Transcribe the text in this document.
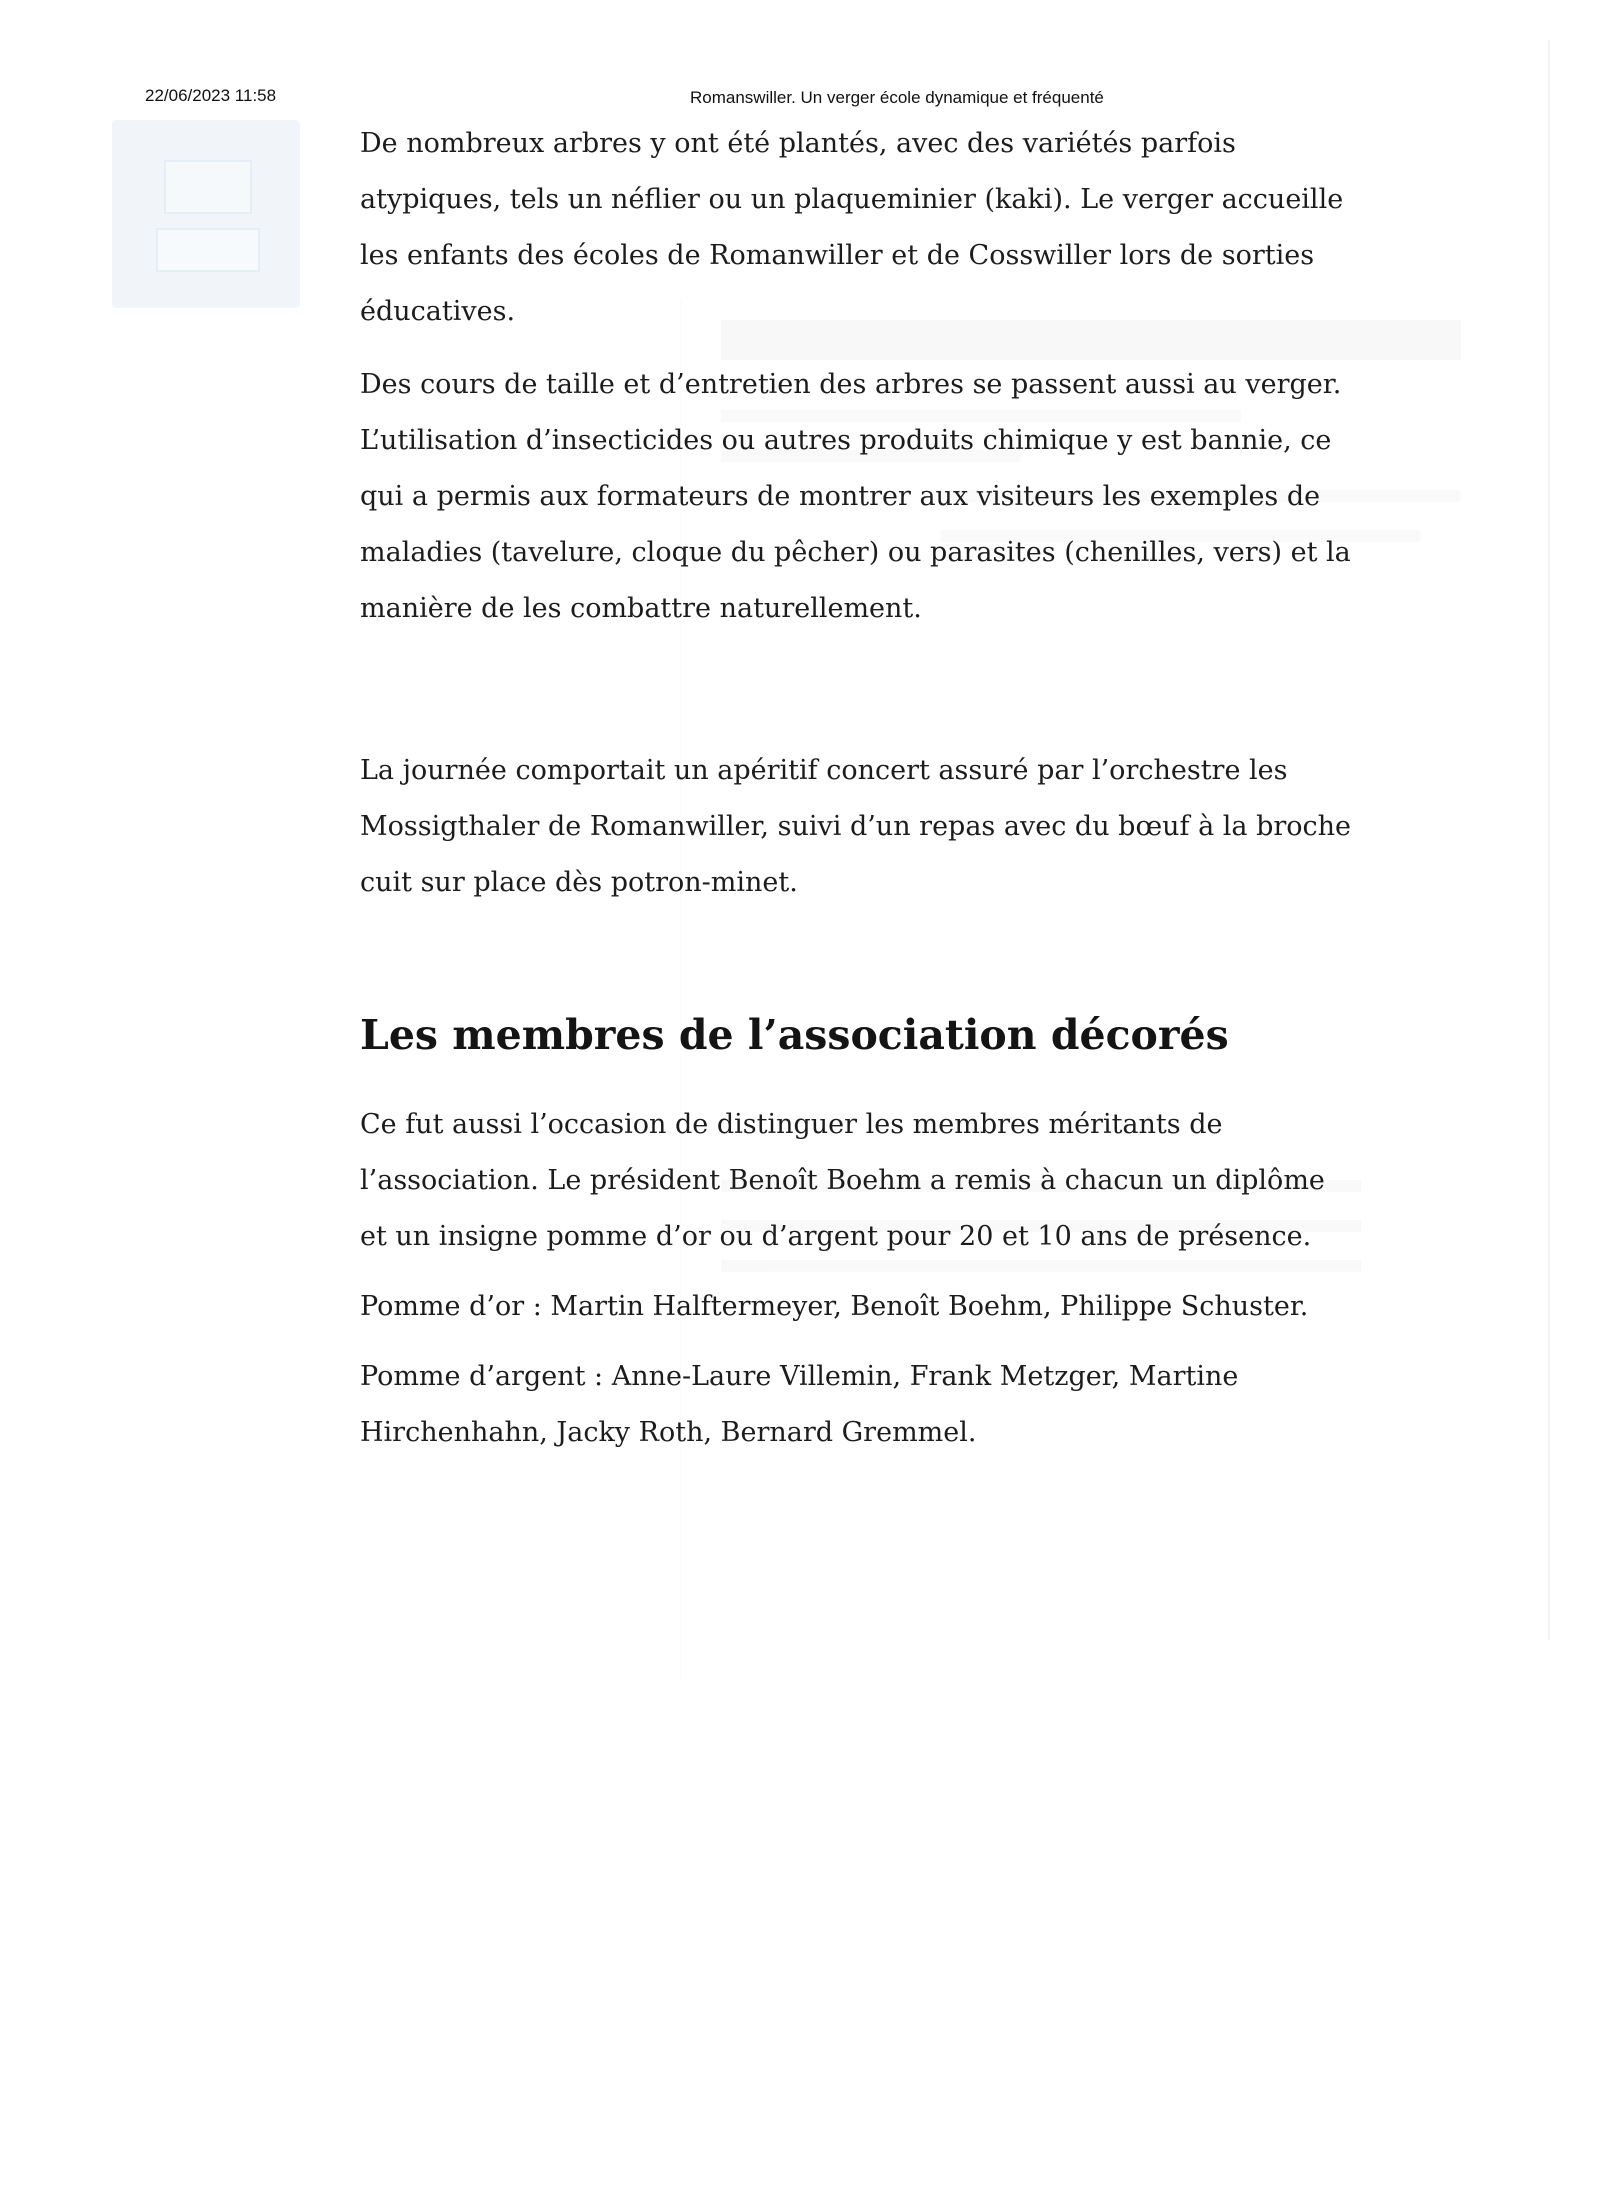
22/06/2023 11:58	Romanswiller. Un verger école dynamique et fréquenté

De nombreux arbres y ont été plantés, avec des variétés parfois atypiques, tels un néflier ou un plaqueminier (kaki). Le verger accueille les enfants des écoles de Romanwiller et de Cosswiller lors de sorties éducatives.

Des cours de taille et d’entretien des arbres se passent aussi au verger. L’utilisation d’insecticides ou autres produits chimique y est bannie, ce qui a permis aux formateurs de montrer aux visiteurs les exemples de maladies (tavelure, cloque du pêcher) ou parasites (chenilles, vers) et la manière de les combattre naturellement.

La journée comportait un apéritif concert assuré par l’orchestre les Mossigthaler de Romanwiller, suivi d’un repas avec du bœuf à la broche cuit sur place dès potron-minet.

Les membres de l’association décorés

Ce fut aussi l’occasion de distinguer les membres méritants de l’association. Le président Benoît Boehm a remis à chacun un diplôme et un insigne pomme d’or ou d’argent pour 20 et 10 ans de présence.

Pomme d’or : Martin Halftermeyer, Benoît Boehm, Philippe Schuster.

Pomme d’argent : Anne-Laure Villemin, Frank Metzger, Martine Hirchenhahn, Jacky Roth, Bernard Gremmel.
